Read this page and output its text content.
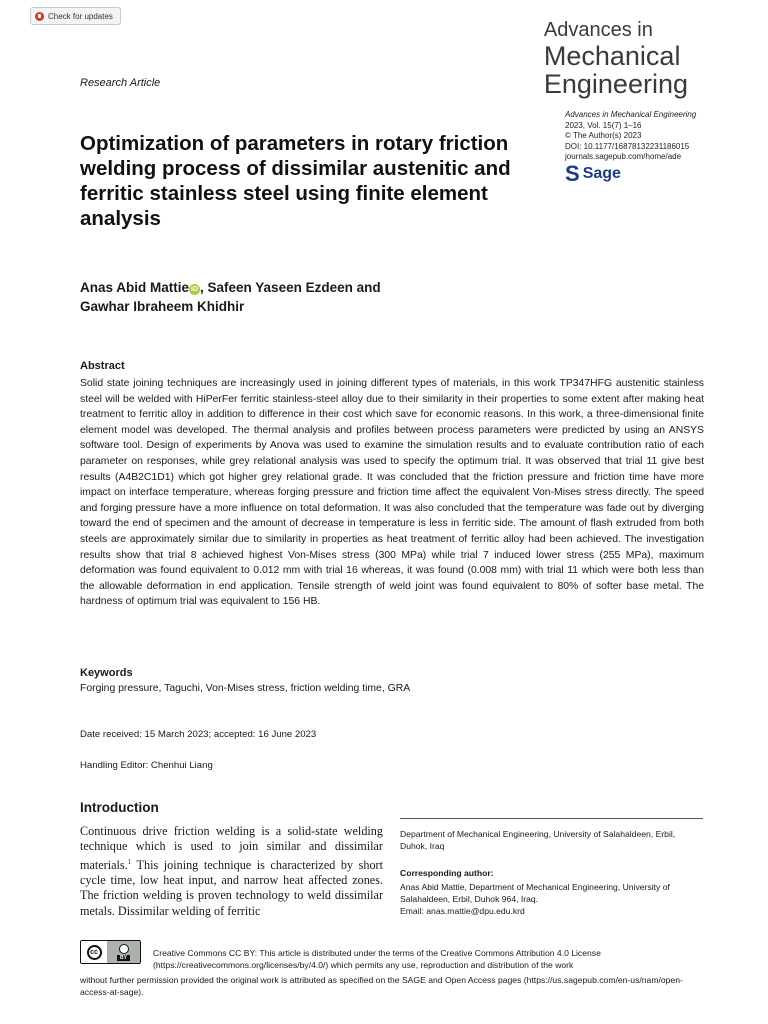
Check for updates
Advances in
Mechanical
Engineering
Advances in Mechanical Engineering
2023, Vol. 15(7) 1–16
© The Author(s) 2023
DOI: 10.1177/16878132231186015
journals.sagepub.com/home/ade
S Sage
Research Article
Optimization of parameters in rotary friction welding process of dissimilar austenitic and ferritic stainless steel using finite element analysis
Anas Abid Mattie iD , Safeen Yaseen Ezdeen and
Gawhar Ibraheem Khidhir
Abstract
Solid state joining techniques are increasingly used in joining different types of materials, in this work TP347HFG austenitic stainless steel will be welded with HiPerFer ferritic stainless-steel alloy due to their similarity in their properties to some extent after making heat treatment to ferritic alloy in addition to difference in their cost which save for economic reasons. In this work, a three-dimensional finite element model was developed. The thermal analysis and profiles between process parameters were predicted by using an ANSYS software tool. Design of experiments by Anova was used to examine the simulation results and to evaluate contribution ratio of each parameter on responses, while grey relational analysis was used to specify the optimum trial. It was observed that trial 11 give best results (A4B2C1D1) which got higher grey relational grade. It was concluded that the friction pressure and friction time have more impact on interface temperature, whereas forging pressure and friction time affect the equivalent Von-Mises stress directly. The speed and forging pressure have a more influence on total deformation. It was also concluded that the temperature was fade out by diverging toward the end of specimen and the amount of decrease in temperature is less in ferritic side. The amount of flash extruded from both steels are approximately similar due to similarity in properties as heat treatment of ferritic alloy had been achieved. The investigation results show that trial 8 achieved highest Von-Mises stress (300 MPa) while trial 7 induced lower stress (255 MPa), maximum deformation was found equivalent to 0.012 mm with trial 16 whereas, it was found (0.008 mm) with trial 11 which were both less than the allowable deformation in end application. Tensile strength of weld joint was found equivalent to 80% of softer base metal. The hardness of optimum trial was equivalent to 156 HB.
Keywords
Forging pressure, Taguchi, Von-Mises stress, friction welding time, GRA
Date received: 15 March 2023; accepted: 16 June 2023
Handling Editor: Chenhui Liang
Introduction
Continuous drive friction welding is a solid-state welding technique which is used to join similar and dissimilar materials.$^1$ This joining technique is characterized by short cycle time, low heat input, and narrow heat affected zones. The friction welding is proven technology to weld dissimilar metals. Dissimilar welding of ferritic
Department of Mechanical Engineering, University of Salahaldeen, Erbil, Duhok, Iraq
Corresponding author:
Anas Abid Mattie, Department of Mechanical Engineering, University of Salahaldeen, Erbil, Duhok 964, Iraq.
Email: anas.mattie@dpu.edu.krd
cc
BY	Creative Commons CC BY: This article is distributed under the terms of the Creative Commons Attribution 4.0 License (https://creativecommons.org/licenses/by/4.0/) which permits any use, reproduction and distribution of the work
without further permission provided the original work is attributed as specified on the SAGE and Open Access pages (https://us.sagepub.com/en-us/nam/open-access-at-sage).
